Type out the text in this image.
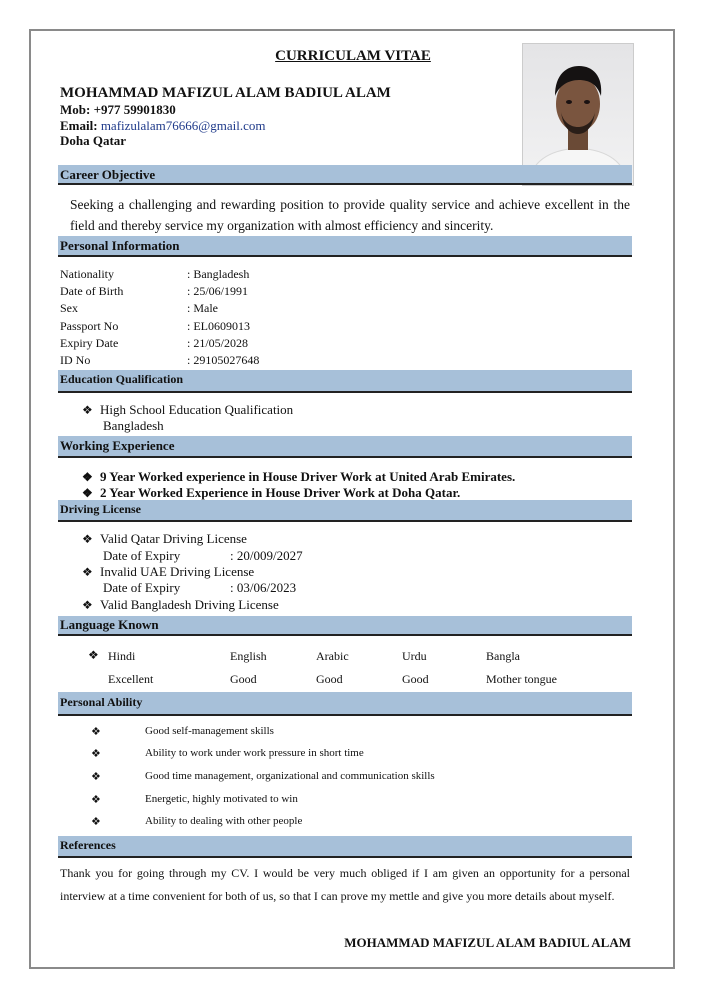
CURRICULAM VITAE
MOHAMMAD MAFIZUL ALAM BADIUL ALAM
Mob: +977 59901830
Email: mafizulalam76666@gmail.com
Doha Qatar
Career Objective
Seeking a challenging and rewarding position to provide quality service and achieve excellent in the field and thereby service my organization with almost efficiency and sincerity.
Personal Information
Nationality	: Bangladesh
Date of Birth	: 25/06/1991
Sex	: Male
Passport No	: EL0609013
Expiry Date	: 21/05/2028
ID No	: 29105027648
Education Qualification
❖ High School Education Qualification
Bangladesh
Working Experience
❖ 9 Year Worked experience in House Driver Work at United Arab Emirates.
❖ 2 Year Worked Experience in House Driver Work at Doha Qatar.
Driving License
❖ Valid Qatar Driving License
Date of Expiry	: 20/009/2027
❖ Invalid UAE Driving License
Date of Expiry	: 03/06/2023
❖ Valid Bangladesh Driving License
Language Known
❖ Hindi	English	Arabic	Urdu	Bangla
Excellent	Good	Good	Good	Mother tongue
Personal Ability
❖	Good self-management skills
❖	Ability to work under work pressure in short time
❖	Good time management, organizational and communication skills
❖	Energetic, highly motivated to win
❖	Ability to dealing with other people
References
Thank you for going through my CV. I would be very much obliged if I am given an opportunity for a personal interview at a time convenient for both of us, so that I can prove my mettle and give you more details about myself.
MOHAMMAD MAFIZUL ALAM BADIUL ALAM
